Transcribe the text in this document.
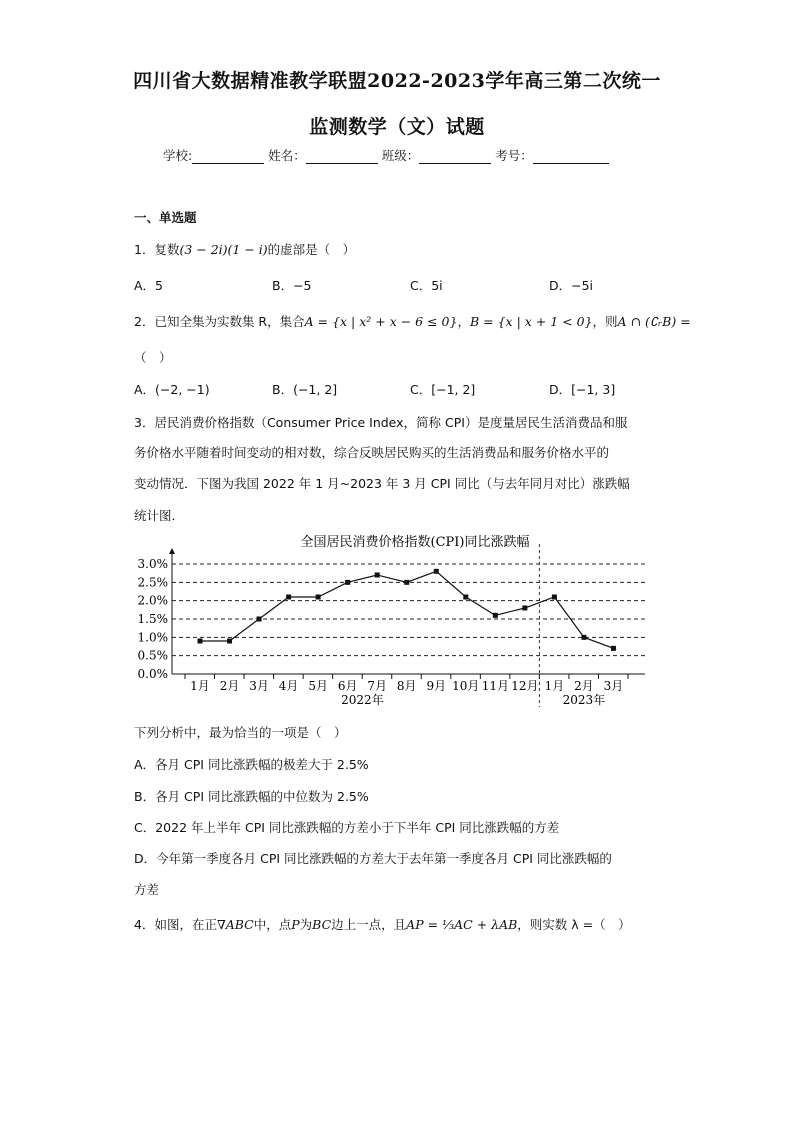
四川省大数据精准教学联盟2022-2023学年高三第二次统一
监测数学（文）试题
学校:	姓名：	班级：	考号：
一、单选题
1．复数(3 − 2i)(1 − i)的虚部是（　）
A．5	B．−5	C．5i	D．−5i
2．已知全集为实数集 R，集合A = {x | x² + x − 6 ≤ 0}，B = {x | x + 1 < 0}，则A ∩ (∁ᵣB) =
（　）
A．(−2, −1)	B．(−1, 2]	C．[−1, 2]	D．[−1, 3]
3．居民消费价格指数（Consumer Price Index，简称 CPI）是度量居民生活消费品和服
务价格水平随着时间变动的相对数，综合反映居民购买的生活消费品和服务价格水平的
变动情况．下图为我国 2022 年 1 月~2023 年 3 月 CPI 同比（与去年同月对比）涨跌幅
统计图．
全国居民消费价格指数(CPI)同比涨跌幅
0.0%
0.5%
1.0%
1.5%
2.0%
2.5%
3.0%
1月 2月 3月 4月 5月 6月 7月 8月 9月 10月 11月 12月 1月 2月 3月
2022年	2023年
下列分析中，最为恰当的一项是（　）
A．各月 CPI 同比涨跌幅的极差大于 2.5%
B．各月 CPI 同比涨跌幅的中位数为 2.5%
C．2022 年上半年 CPI 同比涨跌幅的方差小于下半年 CPI 同比涨跌幅的方差
D．今年第一季度各月 CPI 同比涨跌幅的方差大于去年第一季度各月 CPI 同比涨跌幅的
方差
4．如图，在正∇ABC中，点P为BC边上一点，且AP = ⅓AC + λAB，则实数 λ =（　）
